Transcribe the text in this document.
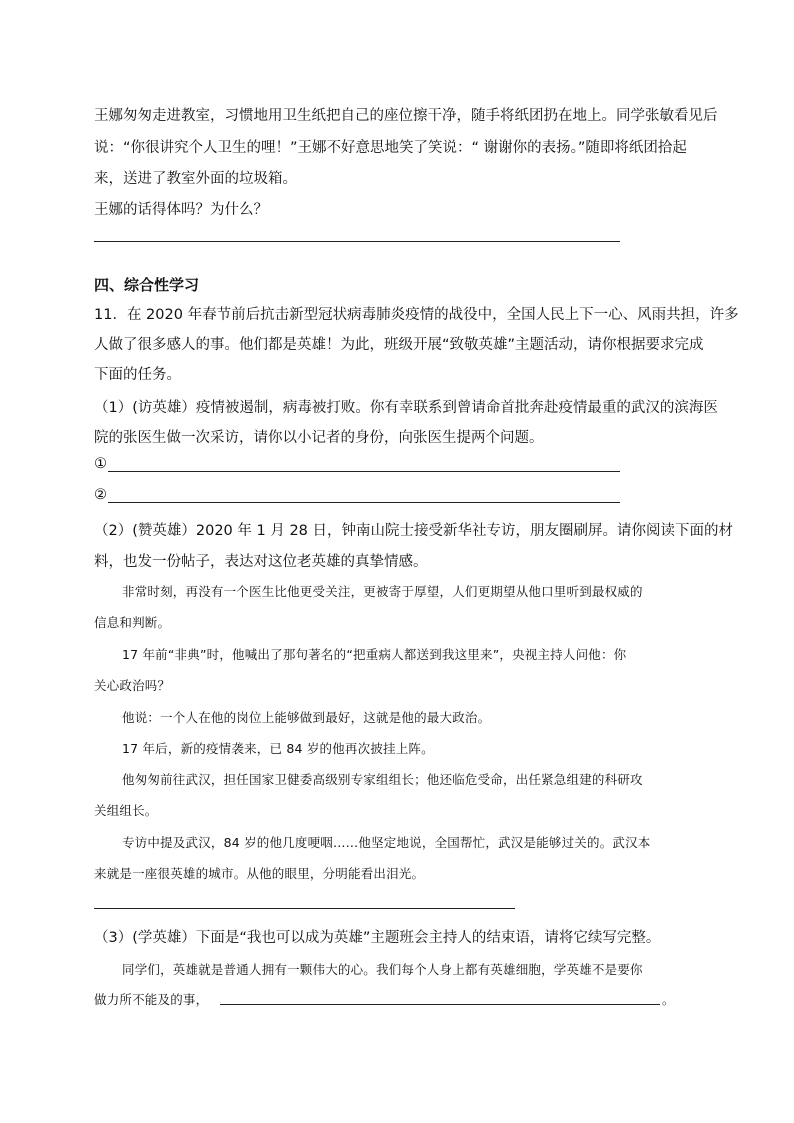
王娜匆匆走进教室，习惯地用卫生纸把自己的座位擦干净，随手将纸团扔在地上。同学张敏看见后
说：“你很讲究个人卫生的哩！”王娜不好意思地笑了笑说：“ 谢谢你的表扬。”随即将纸团拾起
来，送进了教室外面的垃圾箱。
王娜的话得体吗？为什么？
四、综合性学习
11．在 2020 年春节前后抗击新型冠状病毒肺炎疫情的战役中，全国人民上下一心、风雨共担，许多
人做了很多感人的事。他们都是英雄！为此，班级开展“致敬英雄”主题活动，请你根据要求完成
下面的任务。
（1）(访英雄）疫情被遏制，病毒被打败。你有幸联系到曾请命首批奔赴疫情最重的武汉的滨海医
院的张医生做一次采访，请你以小记者的身份，向张医生提两个问题。
①
②
（2）(赞英雄）2020 年 1 月 28 日，钟南山院士接受新华社专访，朋友圈刷屏。请你阅读下面的材
料，也发一份帖子，表达对这位老英雄的真挚情感。
非常时刻，再没有一个医生比他更受关注，更被寄于厚望，人们更期望从他口里听到最权威的
信息和判断。
17 年前“非典”时，他喊出了那句著名的“把重病人都送到我这里来”，央视主持人问他：你
关心政治吗？
他说：一个人在他的岗位上能够做到最好，这就是他的最大政治。
17 年后，新的疫情袭来，已 84 岁的他再次披挂上阵。
他匆匆前往武汉，担任国家卫健委高级别专家组组长；他还临危受命，出任紧急组建的科研攻
关组组长。
专访中提及武汉，84 岁的他几度哽咽……他坚定地说，全国帮忙，武汉是能够过关的。武汉本
来就是一座很英雄的城市。从他的眼里，分明能看出泪光。
（3）(学英雄）下面是“我也可以成为英雄”主题班会主持人的结束语，请将它续写完整。
同学们，英雄就是普通人拥有一颗伟大的心。我们每个人身上都有英雄细胞，学英雄不是要你
做力所不能及的事，	。
